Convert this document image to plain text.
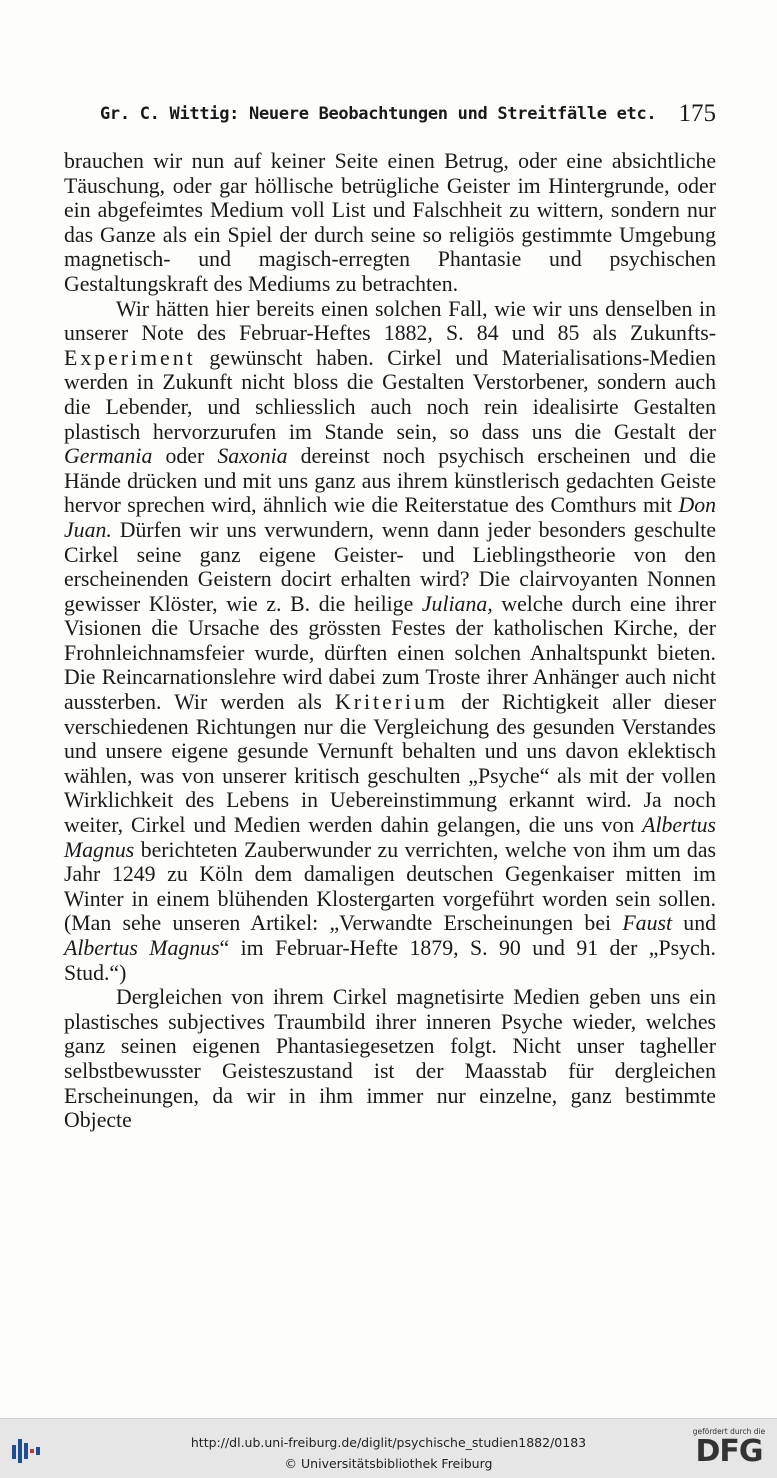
Gr. C. Wittig: Neuere Beobachtungen und Streitfälle etc. 175

brauchen wir nun auf keiner Seite einen Betrug, oder eine absichtliche Täuschung, oder gar höllische betrügliche Geister im Hintergrunde, oder ein abgefeimtes Medium voll List und Falschheit zu wittern, sondern nur das Ganze als ein Spiel der durch seine so religiös gestimmte Umgebung magnetisch- und magisch-erregten Phantasie und psychischen Gestaltungskraft des Mediums zu betrachten.

Wir hätten hier bereits einen solchen Fall, wie wir uns denselben in unserer Note des Februar-Heftes 1882, S. 84 und 85 als Zukunfts-Experiment gewünscht haben. Cirkel und Materialisations-Medien werden in Zukunft nicht bloss die Gestalten Verstorbener, sondern auch die Lebender, und schliesslich auch noch rein idealisirte Gestalten plastisch hervorzurufen im Stande sein, so dass uns die Gestalt der Germania oder Saxonia dereinst noch psychisch erscheinen und die Hände drücken und mit uns ganz aus ihrem künstlerisch gedachten Geiste hervor sprechen wird, ähnlich wie die Reiterstatue des Comthurs mit Don Juan. Dürfen wir uns verwundern, wenn dann jeder besonders geschulte Cirkel seine ganz eigene Geister- und Lieblingstheorie von den erscheinenden Geistern docirt erhalten wird? Die clairvoyanten Nonnen gewisser Klöster, wie z. B. die heilige Juliana, welche durch eine ihrer Visionen die Ursache des grössten Festes der katholischen Kirche, der Frohnleichnamsfeier wurde, dürften einen solchen Anhaltspunkt bieten. Die Reincarnationslehre wird dabei zum Troste ihrer Anhänger auch nicht aussterben. Wir werden als Kriterium der Richtigkeit aller dieser verschiedenen Richtungen nur die Vergleichung des gesunden Verstandes und unsere eigene gesunde Vernunft behalten und uns davon eklektisch wählen, was von unserer kritisch geschulten „Psyche“ als mit der vollen Wirklichkeit des Lebens in Uebereinstimmung erkannt wird. Ja noch weiter, Cirkel und Medien werden dahin gelangen, die uns von Albertus Magnus berichteten Zauberwunder zu verrichten, welche von ihm um das Jahr 1249 zu Köln dem damaligen deutschen Gegenkaiser mitten im Winter in einem blühenden Klostergarten vorgeführt worden sein sollen. (Man sehe unseren Artikel: „Verwandte Erscheinungen bei Faust und Albertus Magnus“ im Februar-Hefte 1879, S. 90 und 91 der „Psych. Stud.“)

Dergleichen von ihrem Cirkel magnetisirte Medien geben uns ein plastisches subjectives Traumbild ihrer inneren Psyche wieder, welches ganz seinen eigenen Phantasiegesetzen folgt. Nicht unser tagheller selbstbewusster Geisteszustand ist der Maasstab für dergleichen Erscheinungen, da wir in ihm immer nur einzelne, ganz bestimmte Objecte

http://dl.ub.uni-freiburg.de/diglit/psychische_studien1882/0183
© Universitätsbibliothek Freiburg
gefördert durch die
DFG
